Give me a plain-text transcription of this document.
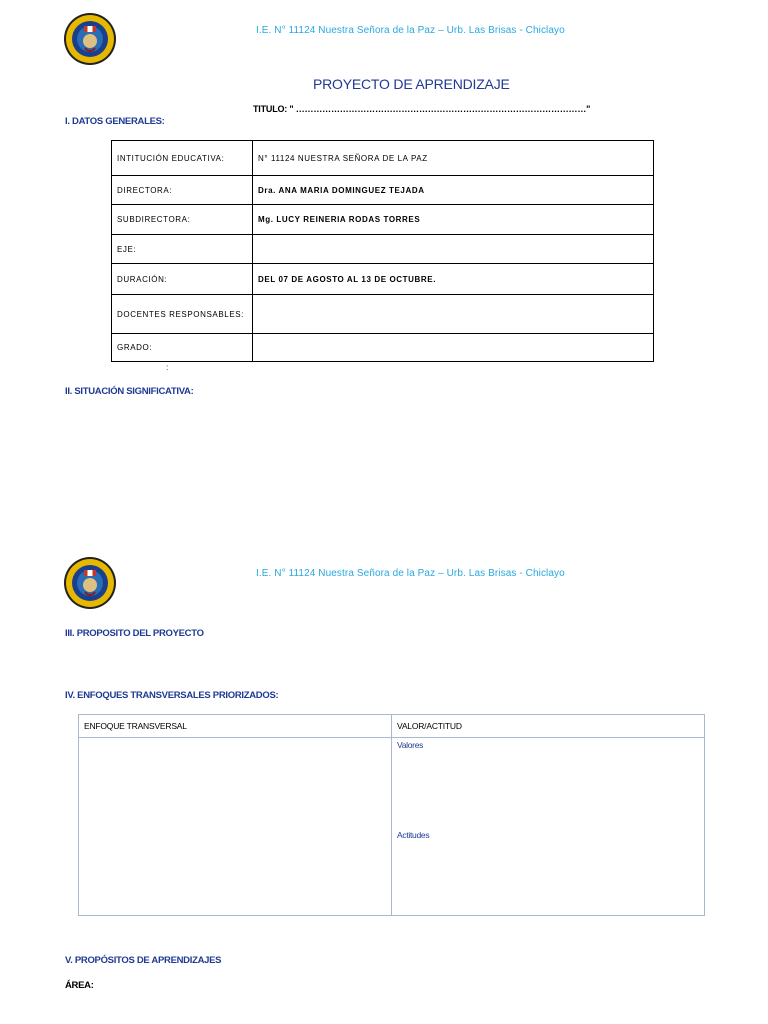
I.E. N° 11124 Nuestra Señora de la Paz – Urb. Las Brisas - Chiclayo
PROYECTO DE APRENDIZAJE
TITULO: " ………………………………………………………………………………………"
I. DATOS GENERALES:
INTITUCIÓN EDUCATIVA:	N° 11124 NUESTRA SEÑORA DE LA PAZ
DIRECTORA:	Dra. ANA MARIA DOMINGUEZ TEJADA
SUBDIRECTORA:	Mg. LUCY REINERIA RODAS TORRES
EJE:	
DURACIÓN:	DEL 07 DE AGOSTO AL 13 DE OCTUBRE.
DOCENTES RESPONSABLES:	
GRADO:	
:
II. SITUACIÓN SIGNIFICATIVA:
I.E. N° 11124 Nuestra Señora de la Paz – Urb. Las Brisas - Chiclayo
III. PROPOSITO DEL PROYECTO
IV. ENFOQUES TRANSVERSALES PRIORIZADOS:
ENFOQUE TRANSVERSAL	VALOR/ACTITUD

	Valores
Actitudes
V. PROPÓSITOS DE APRENDIZAJES
ÁREA:
